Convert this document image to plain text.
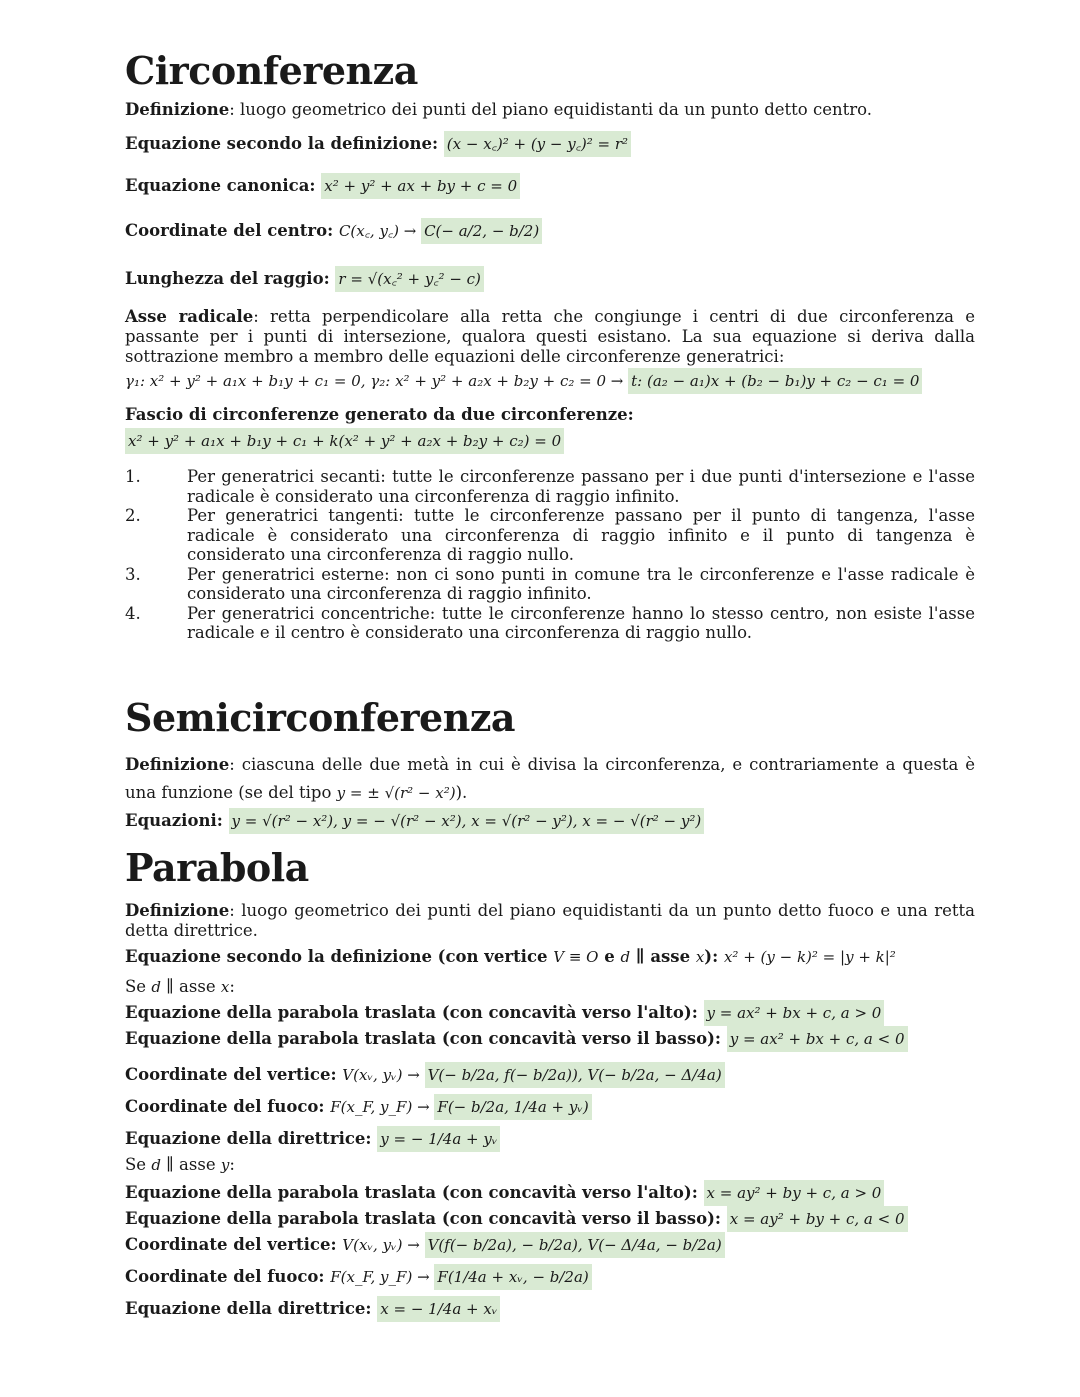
Circonferenza

Definizione: luogo geometrico dei punti del piano equidistanti da un punto detto centro.

Equazione secondo la definizione: (x − x꜀)² + (y − y꜀)² = r²

Equazione canonica: x² + y² + ax + by + c = 0

Coordinate del centro: C(x꜀, y꜀) → C(− a/2, − b/2)

Lunghezza del raggio: r = √(x꜀² + y꜀² − c)

Asse radicale: retta perpendicolare alla retta che congiunge i centri di due circonferenza e passante per i punti di intersezione, qualora questi esistano. La sua equazione si deriva dalla sottrazione membro a membro delle equazioni delle circonferenze generatrici:

γ₁: x² + y² + a₁x + b₁y + c₁ = 0, γ₂: x² + y² + a₂x + b₂y + c₂ = 0 → t: (a₂ − a₁)x + (b₂ − b₁)y + c₂ − c₁ = 0

Fascio di circonferenze generato da due circonferenze:

x² + y² + a₁x + b₁y + c₁ + k(x² + y² + a₂x + b₂y + c₂) = 0

1.	Per generatrici secanti: tutte le circonferenze passano per i due punti d'intersezione e l'asse radicale è considerato una circonferenza di raggio infinito.
2.	Per generatrici tangenti: tutte le circonferenze passano per il punto di tangenza, l'asse radicale è considerato una circonferenza di raggio infinito e il punto di tangenza è considerato una circonferenza di raggio nullo.
3.	Per generatrici esterne: non ci sono punti in comune tra le circonferenze e l'asse radicale è considerato una circonferenza di raggio infinito.
4.	Per generatrici concentriche: tutte le circonferenze hanno lo stesso centro, non esiste l'asse radicale e il centro è considerato una circonferenza di raggio nullo.
Semicirconferenza

Definizione: ciascuna delle due metà in cui è divisa la circonferenza, e contrariamente a questa è una funzione (se del tipo y = ± √(r² − x²)).

Equazioni: y = √(r² − x²), y = − √(r² − x²), x = √(r² − y²), x = − √(r² − y²)

Parabola

Definizione: luogo geometrico dei punti del piano equidistanti da un punto detto fuoco e una retta detta direttrice.

Equazione secondo la definizione (con vertice V ≡ O e d ∥ asse x): x² + (y − k)² = |y + k|²

Se d ∥ asse x:

Equazione della parabola traslata (con concavità verso l'alto): y = ax² + bx + c, a > 0

Equazione della parabola traslata (con concavità verso il basso): y = ax² + bx + c, a < 0

Coordinate del vertice: V(xᵥ, yᵥ) → V(− b/2a, f(− b/2a)), V(− b/2a, − Δ/4a)

Coordinate del fuoco: F(x_F, y_F) → F(− b/2a, 1/4a + yᵥ)

Equazione della direttrice: y = − 1/4a + yᵥ

Se d ∥ asse y:

Equazione della parabola traslata (con concavità verso l'alto): x = ay² + by + c, a > 0

Equazione della parabola traslata (con concavità verso il basso): x = ay² + by + c, a < 0

Coordinate del vertice: V(xᵥ, yᵥ) → V(f(− b/2a), − b/2a), V(− Δ/4a, − b/2a)

Coordinate del fuoco: F(x_F, y_F) → F(1/4a + xᵥ, − b/2a)

Equazione della direttrice: x = − 1/4a + xᵥ
